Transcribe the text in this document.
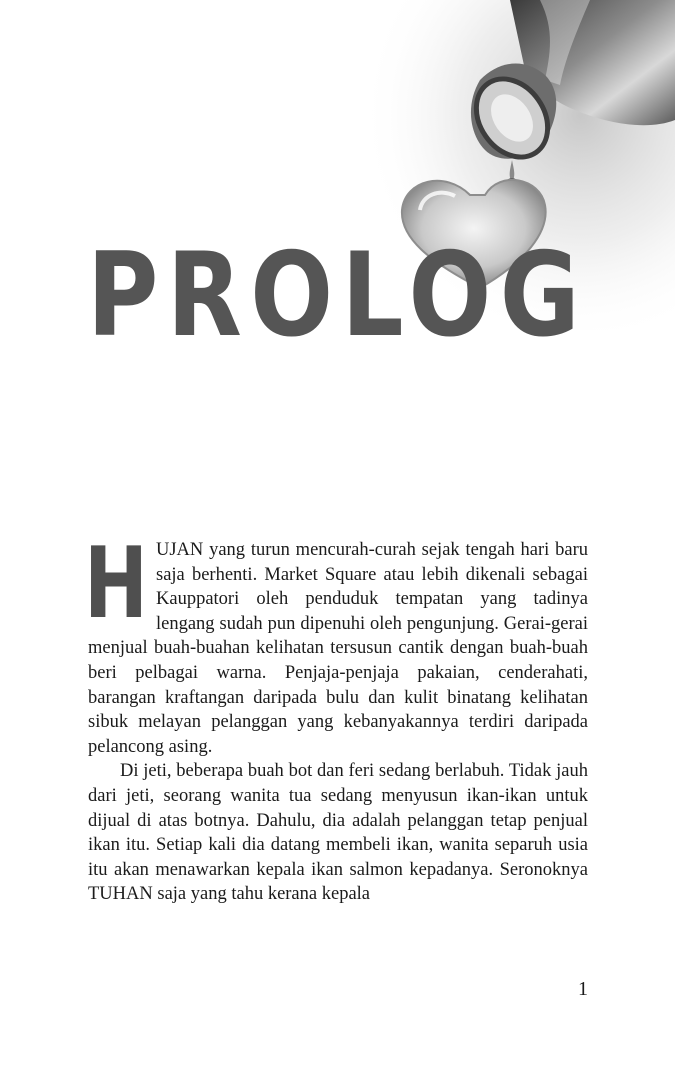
PROLOG

HUJAN yang turun mencurah-curah sejak tengah hari baru saja berhenti. Market Square atau lebih dikenali sebagai Kauppatori oleh penduduk tempatan yang tadinya lengang sudah pun dipenuhi oleh pengunjung. Gerai-gerai menjual buah-buahan kelihatan tersusun cantik dengan buah-buah beri pelbagai warna. Penjaja-penjaja pakaian, cenderahati, barangan kraftangan daripada bulu dan kulit binatang kelihatan sibuk melayan pelanggan yang kebanyakannya terdiri daripada pelancong asing.

Di jeti, beberapa buah bot dan feri sedang berlabuh. Tidak jauh dari jeti, seorang wanita tua sedang menyusun ikan-ikan untuk dijual di atas botnya. Dahulu, dia adalah pelanggan tetap penjual ikan itu. Setiap kali dia datang membeli ikan, wanita separuh usia itu akan menawarkan kepala ikan salmon kepadanya. Seronoknya TUHAN saja yang tahu kerana kepala

1
